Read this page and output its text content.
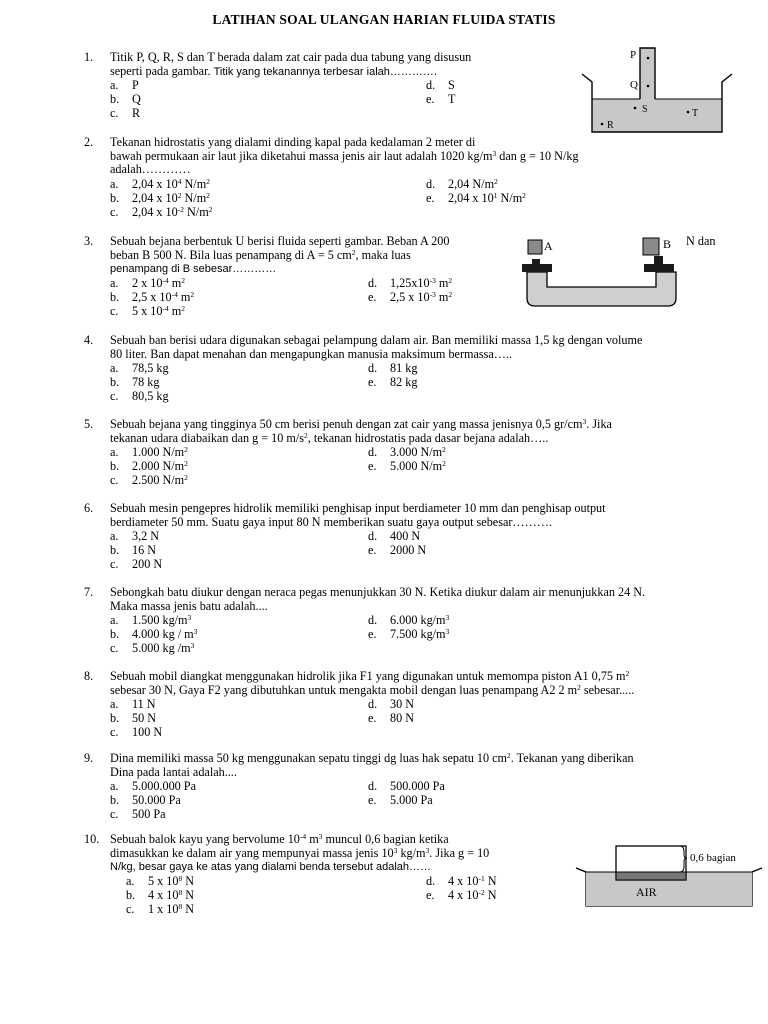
LATIHAN SOAL ULANGAN HARIAN FLUIDA STATIS
1.	Titik P, Q, R, S dan T berada dalam zat cair pada dua tabung yang disusun
seperti pada gambar. Titik yang tekanannya terbesar ialah………….
a. P
b. Q
c. R
d. S
e. T
P
Q
S
R
T
2.	Tekanan hidrostatis yang dialami dinding kapal pada kedalaman 2 meter di
bawah permukaan air laut jika diketahui massa jenis air laut adalah 1020 $kg/m^3$ dan g = 10 N/kg
adalah…………
a. 2,04 x $10^4$ $N/m^2$
b. 2,04 x $10^2$ $N/m^2$
c. 2,04 x $10^{-2}$ $N/m^2$
d. 2,04 $N/m^2$
e. 2,04 x $10^1$ $N/m^2$
3.	Sebuah bejana berbentuk U berisi fluida seperti gambar. Beban A 200
beban B 500 N. Bila luas penampang di A = 5 $cm^2$, maka luas
penampang di B sebesar…………
N dan
a. 2 x $10^{-4}$ $m^2$
b. 2,5 x $10^{-4}$ $m^2$
c. 5 x $10^{-4}$ $m^2$
d. $1,25x10^{-3}$ $m^2$
e. 2,5 x $10^{-3}$ $m^2$
A	B
4.	Sebuah ban berisi udara digunakan sebagai pelampung dalam air. Ban memiliki massa 1,5 kg dengan volume
80 liter. Ban dapat menahan dan mengapungkan manusia maksimum bermassa…..
a. 78,5 kg
b. 78 kg
c. 80,5 kg
d. 81 kg
e. 82 kg
5.	Sebuah bejana yang tingginya 50 cm berisi penuh dengan zat cair yang massa jenisnya 0,5 $gr/cm^3$. Jika
tekanan udara diabaikan dan g = 10 $m/s^2$, tekanan hidrostatis pada dasar bejana adalah…..
a. 1.000 $N/m^2$
b. 2.000 $N/m^2$
c. 2.500 $N/m^2$
d. 3.000 $N/m^2$
e. 5.000 $N/m^2$
6.	Sebuah mesin pengepres hidrolik memiliki penghisap input berdiameter 10 mm dan penghisap output
berdiameter 50 mm. Suatu gaya input 80 N memberikan suatu gaya output sebesar……….
a. 3,2 N
b. 16 N
c. 200 N
d. 400 N
e. 2000 N
7.	Sebongkah batu diukur dengan neraca pegas menunjukkan 30 N. Ketika diukur dalam air menunjukkan 24 N.
Maka massa jenis batu adalah....
a. 1.500 $kg/m^3$
b. 4.000 kg / $m^3$
c. 5.000 kg $/m^3$
d. 6.000 $kg/m^3$
e. 7.500 $kg/m^3$
8.	Sebuah mobil diangkat menggunakan hidrolik jika F1 yang digunakan untuk memompa piston A1 0,75 $m^2$
sebesar 30 N, Gaya F2 yang dibutuhkan untuk mengakta mobil dengan luas penampang A2 2 $m^2$ sebesar.....
a. 11 N
b. 50 N
c. 100 N
d. 30 N
e. 80 N
9.	Dina memiliki massa 50 kg menggunakan sepatu tinggi dg luas hak sepatu 10 $cm^2$. Tekanan yang diberikan
Dina pada lantai adalah....
a. 5.000.000 Pa
b. 50.000 Pa
c. 500 Pa
d. 500.000 Pa
e. 5.000 Pa
10. Sebuah balok kayu yang bervolume $10^{-4}$ $m^3$ muncul 0,6 bagian ketika
dimasukkan ke dalam air yang mempunyai massa jenis $10^3$ $kg/m^3$. Jika g = 10
N/kg, besar gaya ke atas yang dialami benda tersebut adalah……
a. 5 x $10^8$ N
b. 4 x $10^8$ N
c. 1 x $10^8$ N
d. 4 x $10^{-1}$ N
e. 4 x $10^{-2}$ N
0,6 bagian
AIR
